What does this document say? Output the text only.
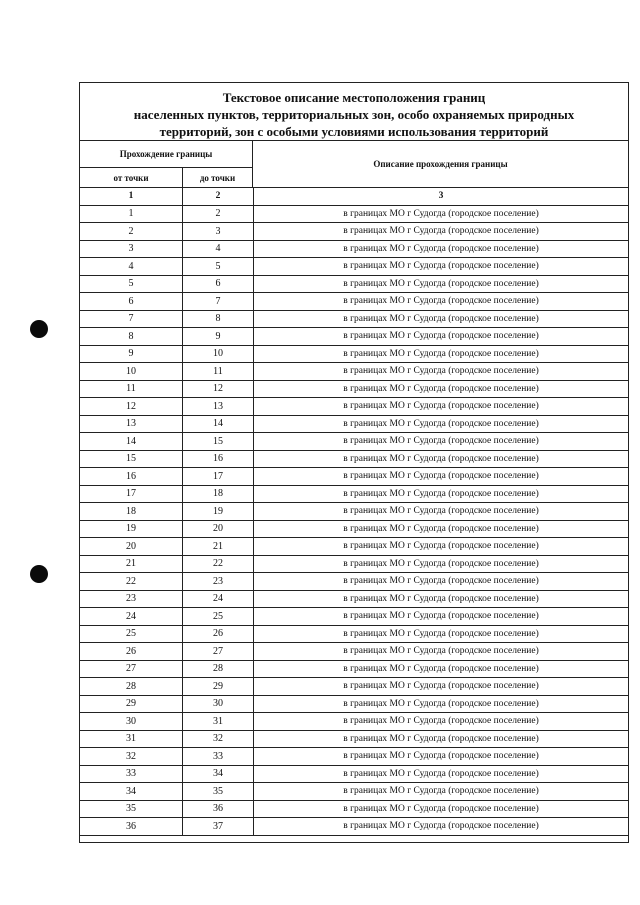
Текстовое описание местоположения границ
населенных пунктов, территориальных зон, особо охраняемых природных
территорий, зон с особыми условиями использования территорий
Прохождение границы
от точки	до точки
Описание прохождения границы
1	2	3
1	2	в границах МО г Судогда (городское поселение)
2	3	в границах МО г Судогда (городское поселение)
3	4	в границах МО г Судогда (городское поселение)
4	5	в границах МО г Судогда (городское поселение)
5	6	в границах МО г Судогда (городское поселение)
6	7	в границах МО г Судогда (городское поселение)
7	8	в границах МО г Судогда (городское поселение)
8	9	в границах МО г Судогда (городское поселение)
9	10	в границах МО г Судогда (городское поселение)
10	11	в границах МО г Судогда (городское поселение)
11	12	в границах МО г Судогда (городское поселение)
12	13	в границах МО г Судогда (городское поселение)
13	14	в границах МО г Судогда (городское поселение)
14	15	в границах МО г Судогда (городское поселение)
15	16	в границах МО г Судогда (городское поселение)
16	17	в границах МО г Судогда (городское поселение)
17	18	в границах МО г Судогда (городское поселение)
18	19	в границах МО г Судогда (городское поселение)
19	20	в границах МО г Судогда (городское поселение)
20	21	в границах МО г Судогда (городское поселение)
21	22	в границах МО г Судогда (городское поселение)
22	23	в границах МО г Судогда (городское поселение)
23	24	в границах МО г Судогда (городское поселение)
24	25	в границах МО г Судогда (городское поселение)
25	26	в границах МО г Судогда (городское поселение)
26	27	в границах МО г Судогда (городское поселение)
27	28	в границах МО г Судогда (городское поселение)
28	29	в границах МО г Судогда (городское поселение)
29	30	в границах МО г Судогда (городское поселение)
30	31	в границах МО г Судогда (городское поселение)
31	32	в границах МО г Судогда (городское поселение)
32	33	в границах МО г Судогда (городское поселение)
33	34	в границах МО г Судогда (городское поселение)
34	35	в границах МО г Судогда (городское поселение)
35	36	в границах МО г Судогда (городское поселение)
36	37	в границах МО г Судогда (городское поселение)
